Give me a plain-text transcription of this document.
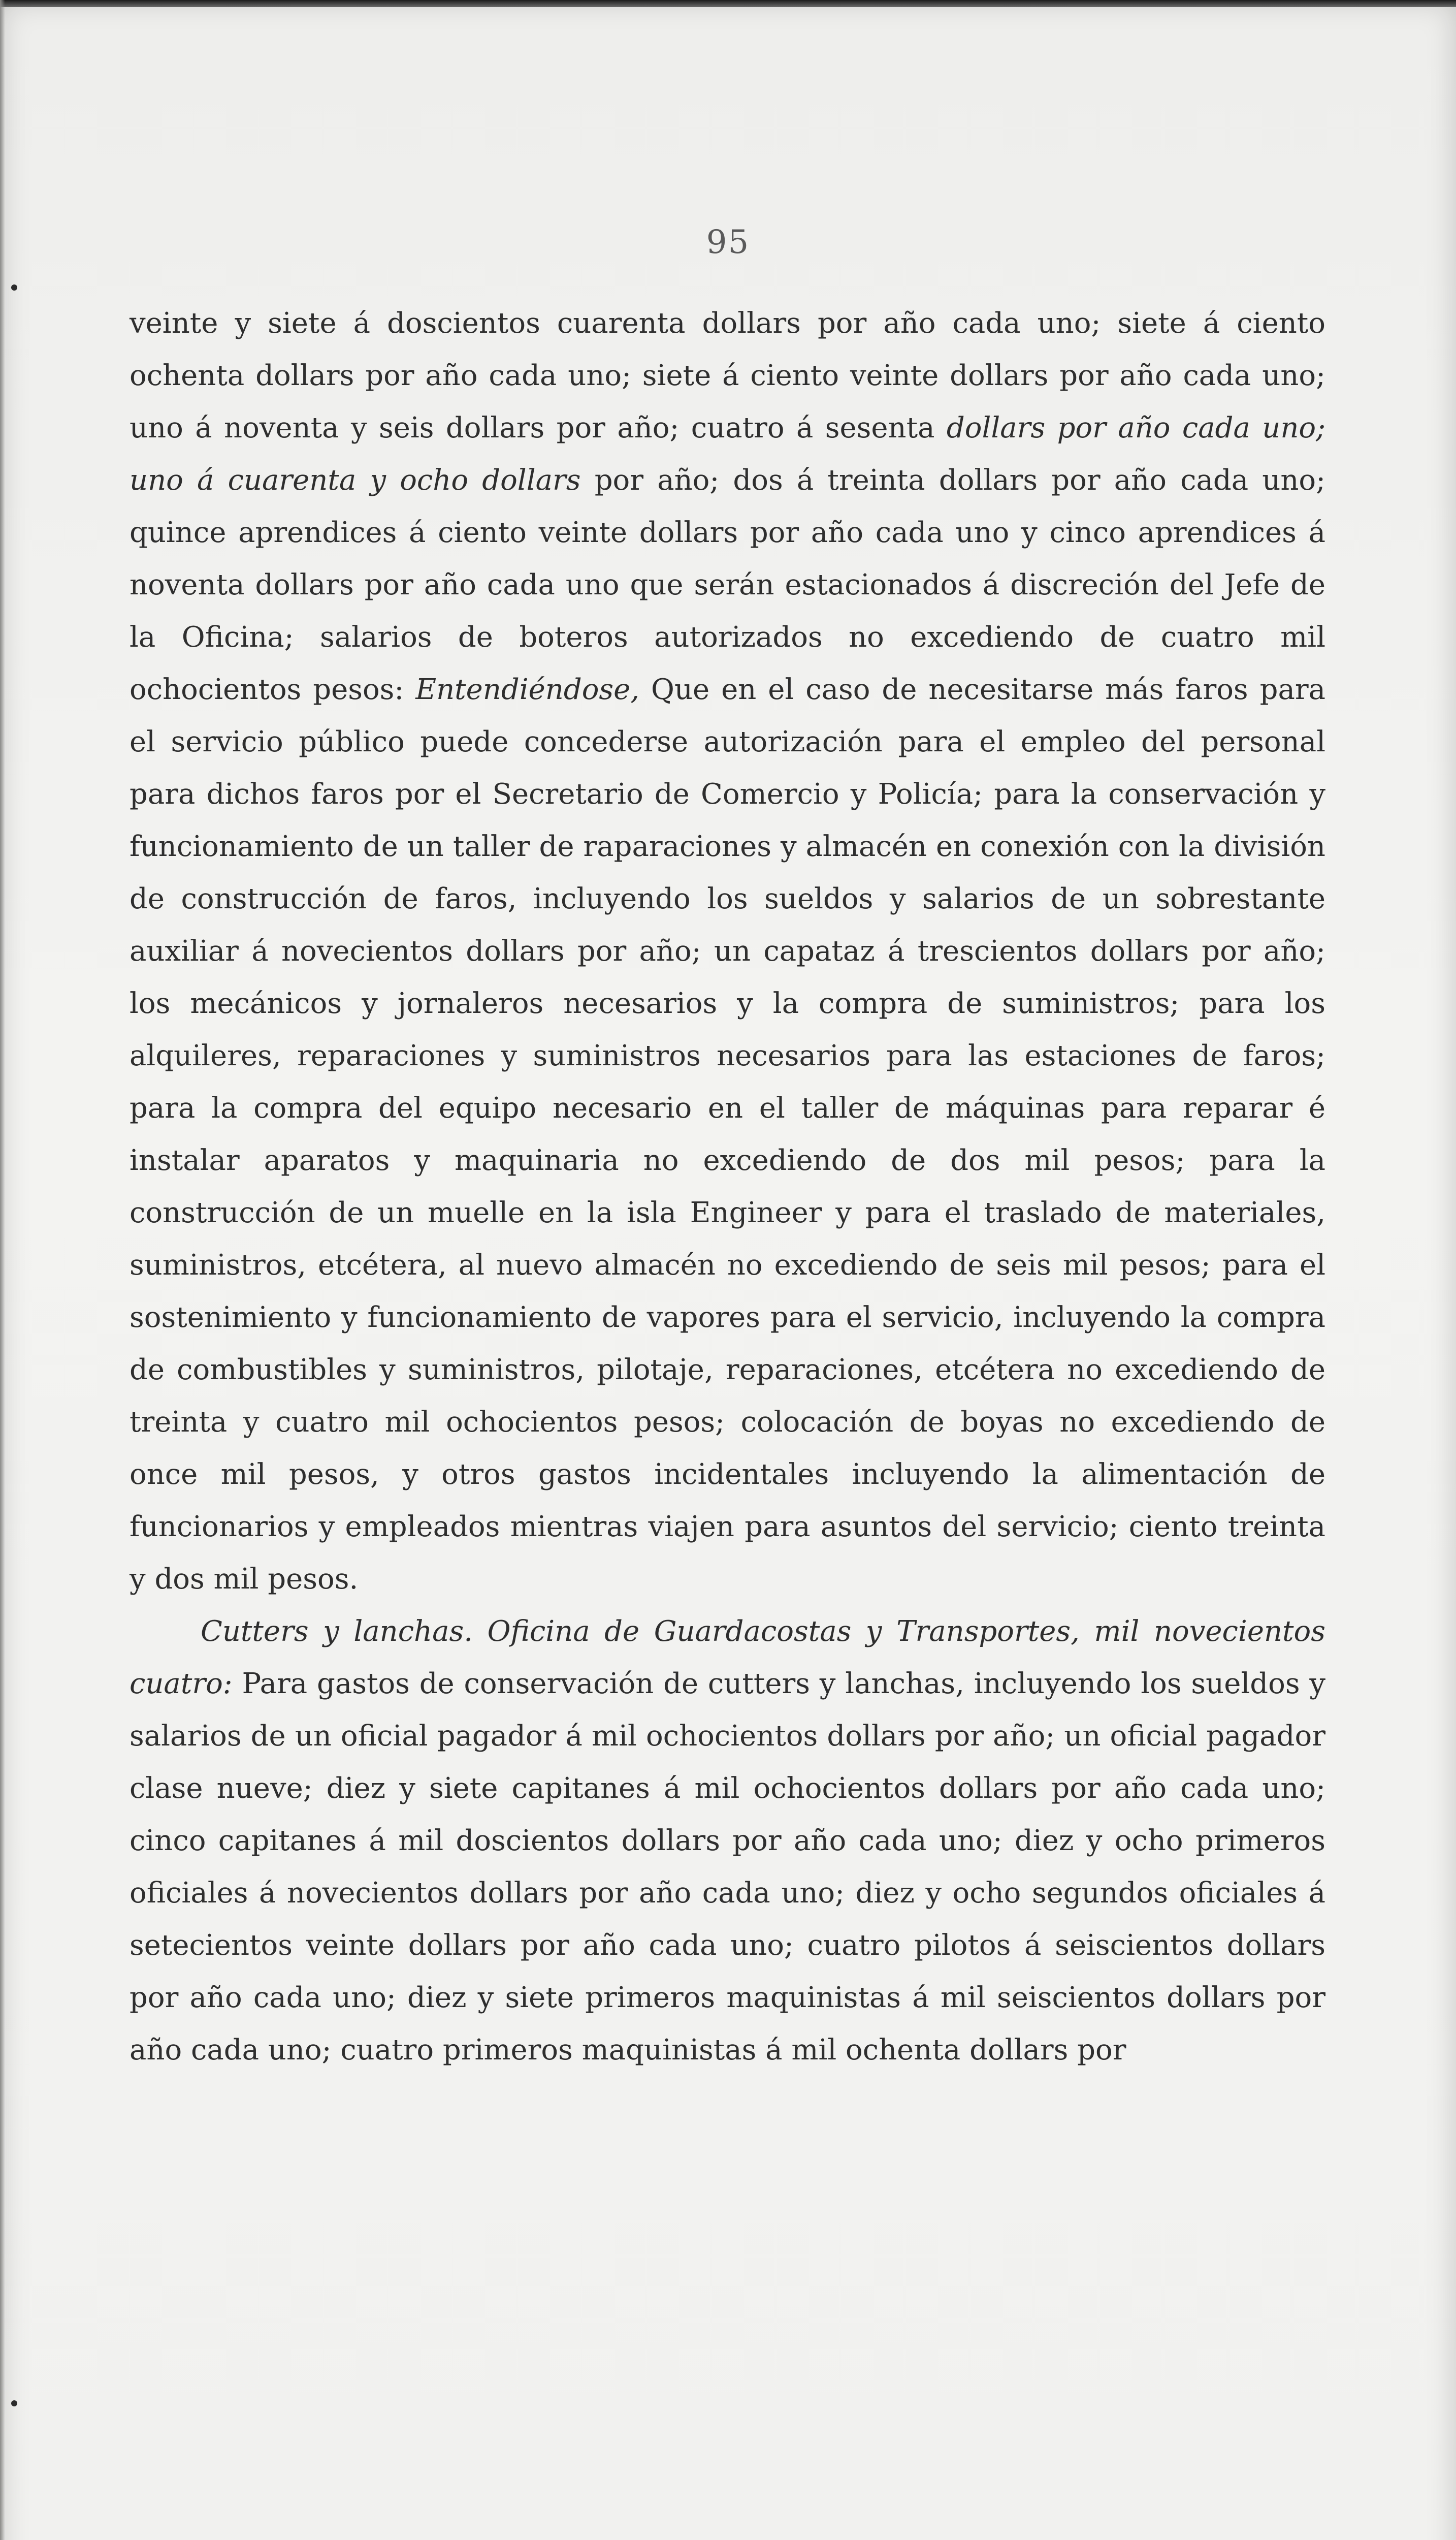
95

veinte y siete á doscientos cuarenta dollars por año cada uno; siete á ciento ochenta dollars por año cada uno; siete á ciento veinte dollars por año cada uno; uno á noventa y seis dollars por año; cuatro á sesenta dollars por año cada uno; uno á cuarenta y ocho dollars por año; dos á treinta dollars por año cada uno; quince aprendices á ciento veinte dollars por año cada uno y cinco aprendices á noventa dollars por año cada uno que serán estacionados á discreción del Jefe de la Oficina; salarios de boteros autorizados no excediendo de cuatro mil ochocientos pesos: Entendiéndose, Que en el caso de necesitarse más faros para el servicio público puede concederse autorización para el empleo del personal para dichos faros por el Secretario de Comercio y Policía; para la conservación y funcionamiento de un taller de raparaciones y almacén en conexión con la división de construcción de faros, incluyendo los sueldos y salarios de un sobrestante auxiliar á novecientos dollars por año; un capataz á trescientos dollars por año; los mecánicos y jornaleros necesarios y la compra de suministros; para los alquileres, reparaciones y suministros necesarios para las estaciones de faros; para la compra del equipo necesario en el taller de máquinas para reparar é instalar aparatos y maquinaria no excediendo de dos mil pesos; para la construcción de un muelle en la isla Engineer y para el traslado de materiales, suministros, etcétera, al nuevo almacén no excediendo de seis mil pesos; para el sostenimiento y funcionamiento de vapores para el servicio, incluyendo la compra de combustibles y suministros, pilotaje, reparaciones, etcétera no excediendo de treinta y cuatro mil ochocientos pesos; colocación de boyas no excediendo de once mil pesos, y otros gastos incidentales incluyendo la alimentación de funcionarios y empleados mientras viajen para asuntos del servicio; ciento treinta y dos mil pesos.

Cutters y lanchas. Oficina de Guardacostas y Transportes, mil novecientos cuatro: Para gastos de conservación de cutters y lanchas, incluyendo los sueldos y salarios de un oficial pagador á mil ochocientos dollars por año; un oficial pagador clase nueve; diez y siete capitanes á mil ochocientos dollars por año cada uno; cinco capitanes á mil doscientos dollars por año cada uno; diez y ocho primeros oficiales á novecientos dollars por año cada uno; diez y ocho segundos oficiales á setecientos veinte dollars por año cada uno; cuatro pilotos á seiscientos dollars por año cada uno; diez y siete primeros maquinistas á mil seiscientos dollars por año cada uno; cuatro primeros maquinistas á mil ochenta dollars por
